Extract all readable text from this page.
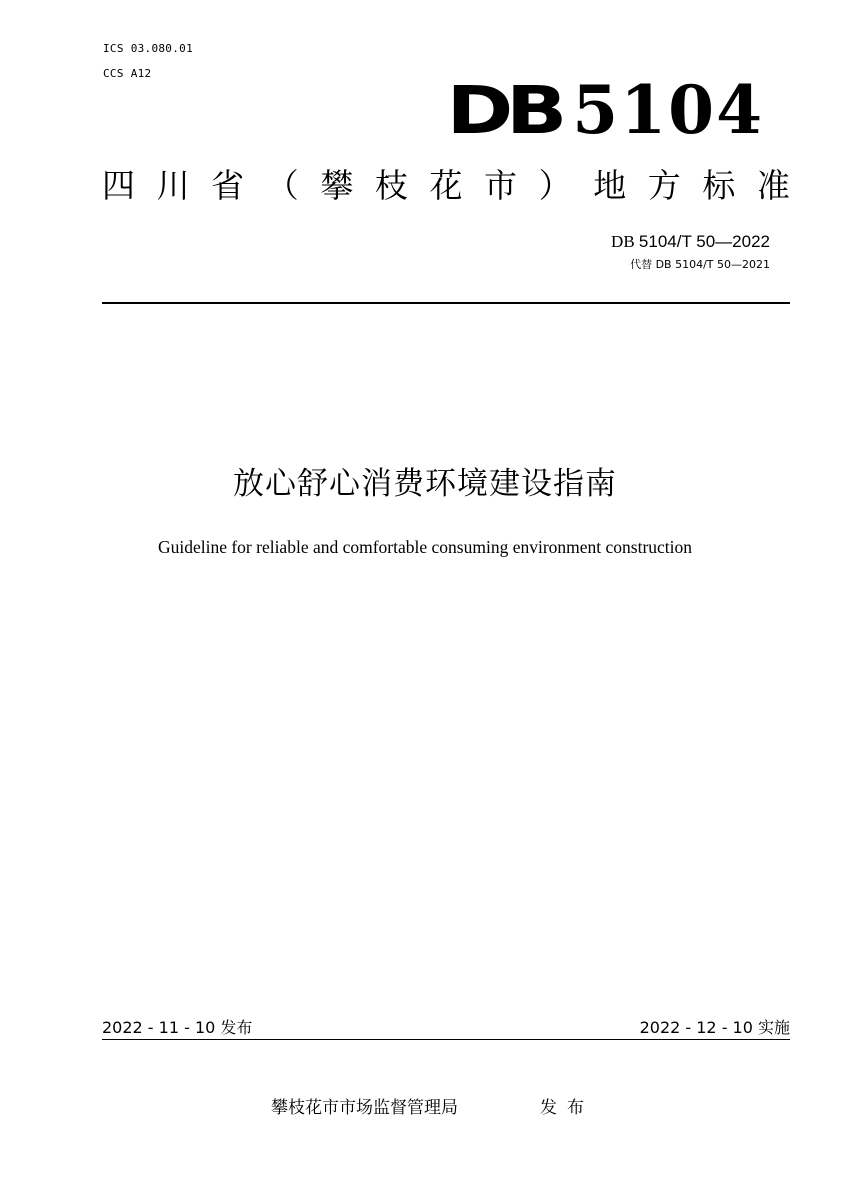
ICS 03.080.01
CCS A12	DB 5104
四 川 省 （ 攀 枝 花 市 ） 地 方 标 准
DB 5104/T 50—2022
代替 DB 5104/T 50—2021
放心舒心消费环境建设指南
Guideline for reliable and comfortable consuming environment construction
2022 - 11 - 10 发布	2022 - 12 - 10 实施
攀枝花市市场监督管理局	发布
